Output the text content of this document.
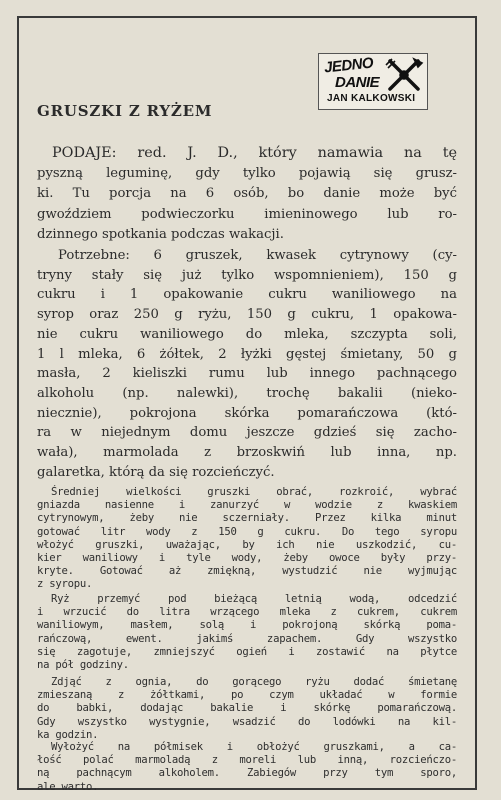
JEDNO
DANIE
JAN KALKOWSKI
GRUSZKI Z RYŻEM
PODAJE: red. J. D., który namawia na tę
pyszną leguminę, gdy tylko pojawią się grusz-
ki. Tu porcja na 6 osób, bo danie może być
gwoździem podwieczorku imieninowego lub ro-
dzinnego spotkania podczas wakacji.
Potrzebne: 6 gruszek, kwasek cytrynowy (cy-
tryny stały się już tylko wspomnieniem), 150 g
cukru i 1 opakowanie cukru waniliowego na
syrop oraz 250 g ryżu, 150 g cukru, 1 opakowa-
nie cukru waniliowego do mleka, szczypta soli,
1 l mleka, 6 żółtek, 2 łyżki gęstej śmietany, 50 g
masła, 2 kieliszki rumu lub innego pachnącego
alkoholu (np. nalewki), trochę bakalii (nieko-
niecznie), pokrojona skórka pomarańczowa (któ-
ra w niejednym domu jeszcze gdzieś się zacho-
wała), marmolada z brzoskwiń lub inna, np.
galaretka, którą da się rozcieńczyć.
Średniej wielkości gruszki obrać, rozkroić, wybrać
gniazda nasienne i zanurzyć w wodzie z kwaskiem
cytrynowym, żeby nie sczerniały. Przez kilka minut
gotować litr wody z 150 g cukru. Do tego syropu
włożyć gruszki, uważając, by ich nie uszkodzić, cu-
kier waniliowy i tyle wody, żeby owoce były przy-
kryte. Gotować aż zmiękną, wystudzić nie wyjmując
z syropu.
Ryż przemyć pod bieżącą letnią wodą, odcedzić
i wrzucić do litra wrzącego mleka z cukrem, cukrem
waniliowym, masłem, solą i pokrojoną skórką poma-
rańczową, ewent. jakimś zapachem. Gdy wszystko
się zagotuje, zmniejszyć ogień i zostawić na płytce
na pół godziny.
Zdjąć z ognia, do gorącego ryżu dodać śmietanę
zmieszaną z żółtkami, po czym układać w formie
do babki, dodając bakalie i skórkę pomarańczową.
Gdy wszystko wystygnie, wsadzić do lodówki na kil-
ka godzin.
Wyłożyć na półmisek i obłożyć gruszkami, a ca-
łość polać marmoladą z moreli lub inną, rozcieńczo-
ną pachnącym alkoholem. Zabiegów przy tym sporo,
ale warto.
